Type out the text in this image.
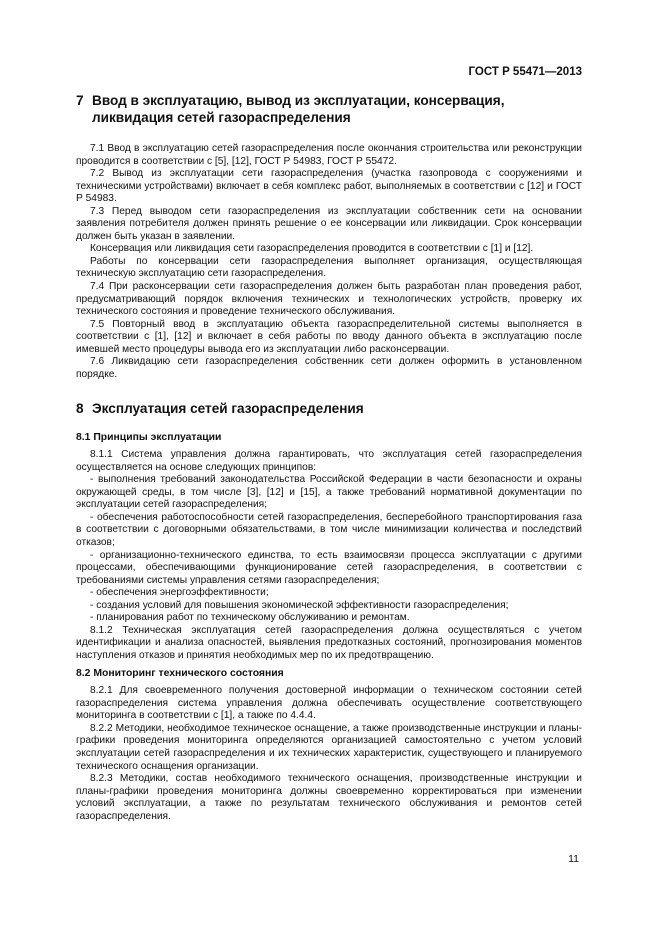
ГОСТ Р 55471—2013
7 Ввод в эксплуатацию, вывод из эксплуатации, консервация, ликвидация сетей газораспределения

7.1 Ввод в эксплуатацию сетей газораспределения после окончания строительства или реконструкции проводится в соответствии с [5], [12], ГОСТ Р 54983, ГОСТ Р 55472.

7.2 Вывод из эксплуатации сети газораспределения (участка газопровода с сооружениями и техническими устройствами) включает в себя комплекс работ, выполняемых в соответствии с [12] и ГОСТ Р 54983.

7.3 Перед выводом сети газораспределения из эксплуатации собственник сети на основании заявления потребителя должен принять решение о ее консервации или ликвидации. Срок консервации должен быть указан в заявлении.

Консервация или ликвидация сети газораспределения проводится в соответствии с [1] и [12].

Работы по консервации сети газораспределения выполняет организация, осуществляющая техническую эксплуатацию сети газораспределения.

7.4 При расконсервации сети газораспределения должен быть разработан план проведения работ, предусматривающий порядок включения технических и технологических устройств, проверку их технического состояния и проведение технического обслуживания.

7.5 Повторный ввод в эксплуатацию объекта газораспределительной системы выполняется в соответствии с [1], [12] и включает в себя работы по вводу данного объекта в эксплуатацию после имевшей место процедуры вывода его из эксплуатации либо расконсервации.

7.6 Ликвидацию сети газораспределения собственник сети должен оформить в установленном порядке.

8 Эксплуатация сетей газораспределения
8.1 Принципы эксплуатации

8.1.1 Система управления должна гарантировать, что эксплуатация сетей газораспределения осуществляется на основе следующих принципов:

- выполнения требований законодательства Российской Федерации в части безопасности и охраны окружающей среды, в том числе [3], [12] и [15], а также требований нормативной документации по эксплуатации сетей газораспределения;

- обеспечения работоспособности сетей газораспределения, бесперебойного транспортирования газа в соответствии с договорными обязательствами, в том числе минимизации количества и последствий отказов;

- организационно-технического единства, то есть взаимосвязи процесса эксплуатации с другими процессами, обеспечивающими функционирование сетей газораспределения, в соответствии с требованиями системы управления сетями газораспределения;

- обеспечения энергоэффективности;

- создания условий для повышения экономической эффективности газораспределения;

- планирования работ по техническому обслуживанию и ремонтам.

8.1.2 Техническая эксплуатация сетей газораспределения должна осуществляться с учетом идентификации и анализа опасностей, выявления предотказных состояний, прогнозирования моментов наступления отказов и принятия необходимых мер по их предотвращению.

8.2 Мониторинг технического состояния

8.2.1 Для своевременного получения достоверной информации о техническом состоянии сетей газораспределения система управления должна обеспечивать осуществление соответствующего мониторинга в соответствии с [1], а также по 4.4.4.

8.2.2 Методики, необходимое техническое оснащение, а также производственные инструкции и планы-графики проведения мониторинга определяются организацией самостоятельно с учетом условий эксплуатации сетей газораспределения и их технических характеристик, существующего и планируемого технического оснащения организации.

8.2.3 Методики, состав необходимого технического оснащения, производственные инструкции и планы-графики проведения мониторинга должны своевременно корректироваться при изменении условий эксплуатации, а также по результатам технического обслуживания и ремонтов сетей газораспределения.

11
